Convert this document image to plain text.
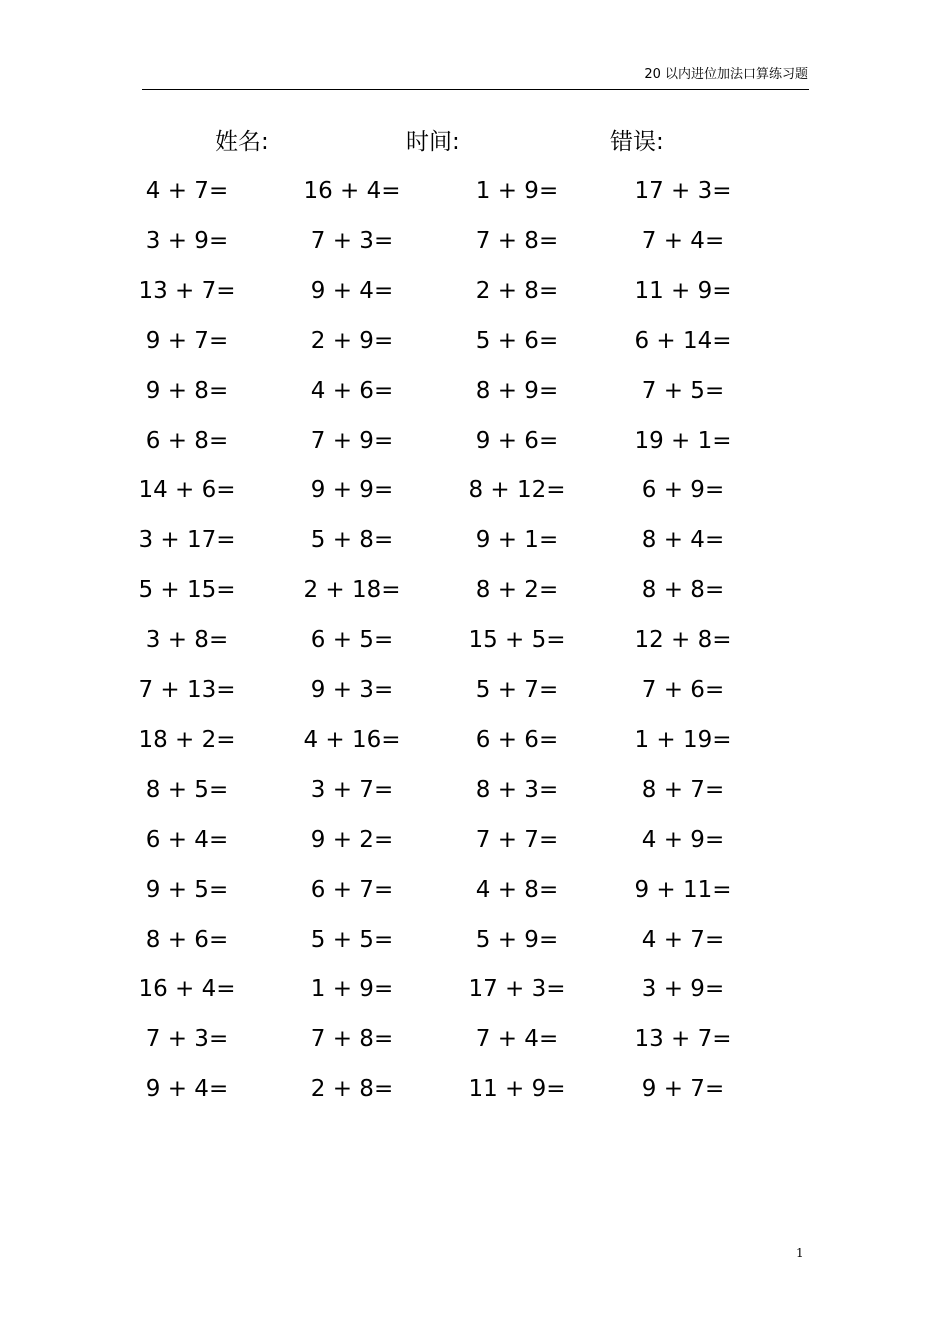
20 以内进位加法口算练习题
姓名:	时间:	错误:
4 + 7=	16 + 4=	1 + 9=	17 + 3=
3 + 9=	7 + 3=	7 + 8=	7 + 4=
13 + 7=	9 + 4=	2 + 8=	11 + 9=
9 + 7=	2 + 9=	5 + 6=	6 + 14=
9 + 8=	4 + 6=	8 + 9=	7 + 5=
6 + 8=	7 + 9=	9 + 6=	19 + 1=
14 + 6=	9 + 9=	8 + 12=	6 + 9=
3 + 17=	5 + 8=	9 + 1=	8 + 4=
5 + 15=	2 + 18=	8 + 2=	8 + 8=
3 + 8=	6 + 5=	15 + 5=	12 + 8=
7 + 13=	9 + 3=	5 + 7=	7 + 6=
18 + 2=	4 + 16=	6 + 6=	1 + 19=
8 + 5=	3 + 7=	8 + 3=	8 + 7=
6 + 4=	9 + 2=	7 + 7=	4 + 9=
9 + 5=	6 + 7=	4 + 8=	9 + 11=
8 + 6=	5 + 5=	5 + 9=	4 + 7=
16 + 4=	1 + 9=	17 + 3=	3 + 9=
7 + 3=	7 + 8=	7 + 4=	13 + 7=
9 + 4=	2 + 8=	11 + 9=	9 + 7=
1
